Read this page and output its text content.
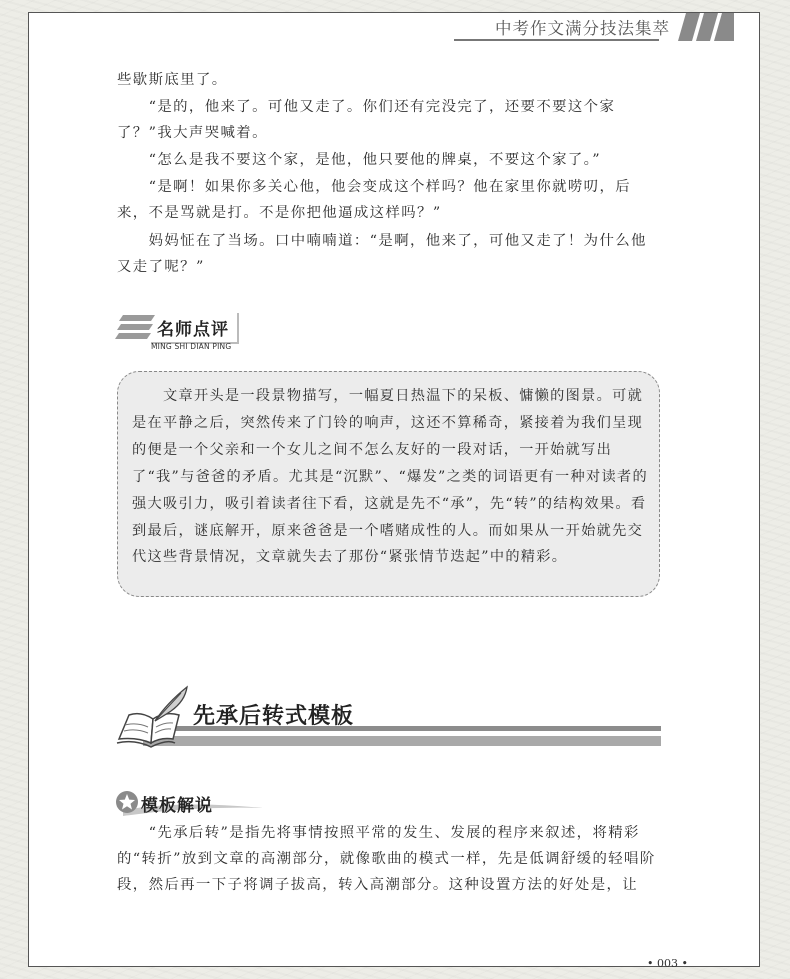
中考作文满分技法集萃

些歇斯底里了。

　　“是的，他来了。可他又走了。你们还有完没完了，还要不要这个家了？”我大声哭喊着。

　　“怎么是我不要这个家，是他，他只要他的牌桌，不要这个家了。”

　　“是啊！如果你多关心他，他会变成这个样吗？他在家里你就唠叨，后来，不是骂就是打。不是你把他逼成这样吗？”

　　妈妈怔在了当场。口中喃喃道：“是啊，他来了，可他又走了！为什么他又走了呢？”

名师点评
MING SHI DIAN PING

　　文章开头是一段景物描写，一幅夏日热温下的呆板、慵懒的图景。可就是在平静之后，突然传来了门铃的响声，这还不算稀奇，紧接着为我们呈现的便是一个父亲和一个女儿之间不怎么友好的一段对话，一开始就写出了“我”与爸爸的矛盾。尤其是“沉默”、“爆发”之类的词语更有一种对读者的强大吸引力，吸引着读者往下看，这就是先不“承”，先“转”的结构效果。看到最后，谜底解开，原来爸爸是一个嗜赌成性的人。而如果从一开始就先交代这些背景情况，文章就失去了那份“紧张情节迭起”中的精彩。

先承后转式模板
模板解说

　　“先承后转”是指先将事情按照平常的发生、发展的程序来叙述，将精彩的“转折”放到文章的高潮部分，就像歌曲的模式一样，先是低调舒缓的轻唱阶段，然后再一下子将调子拔高，转入高潮部分。这种设置方法的好处是，让

• 003 •
